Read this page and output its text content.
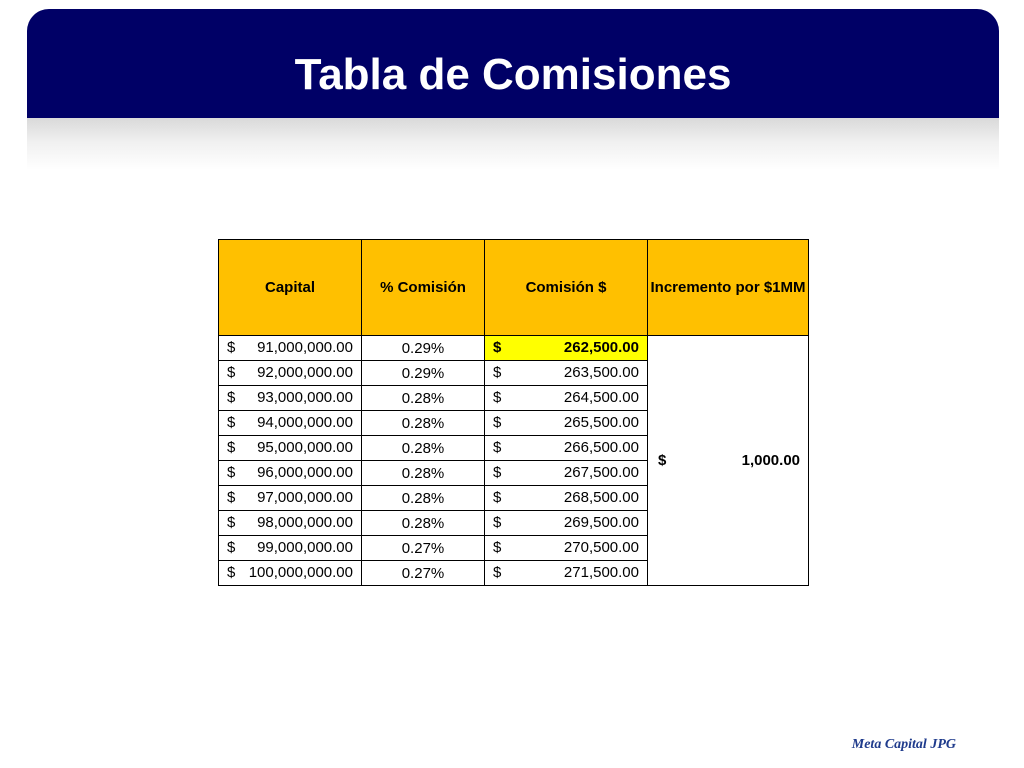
Tabla de Comisiones
Capital	% Comisión	Comisión $	Incremento por $1MM

$ 91,000,000.00	0.29%	$ 262,500.00	$ 1,000.00

$ 92,000,000.00	0.29%	$ 263,500.00	

$ 93,000,000.00	0.28%	$ 264,500.00	

$ 94,000,000.00	0.28%	$ 265,500.00	

$ 95,000,000.00	0.28%	$ 266,500.00	

$ 96,000,000.00	0.28%	$ 267,500.00	

$ 97,000,000.00	0.28%	$ 268,500.00	

$ 98,000,000.00	0.28%	$ 269,500.00	

$ 99,000,000.00	0.27%	$ 270,500.00	

$ 100,000,000.00	0.27%	$ 271,500.00	
Meta Capital JPG
